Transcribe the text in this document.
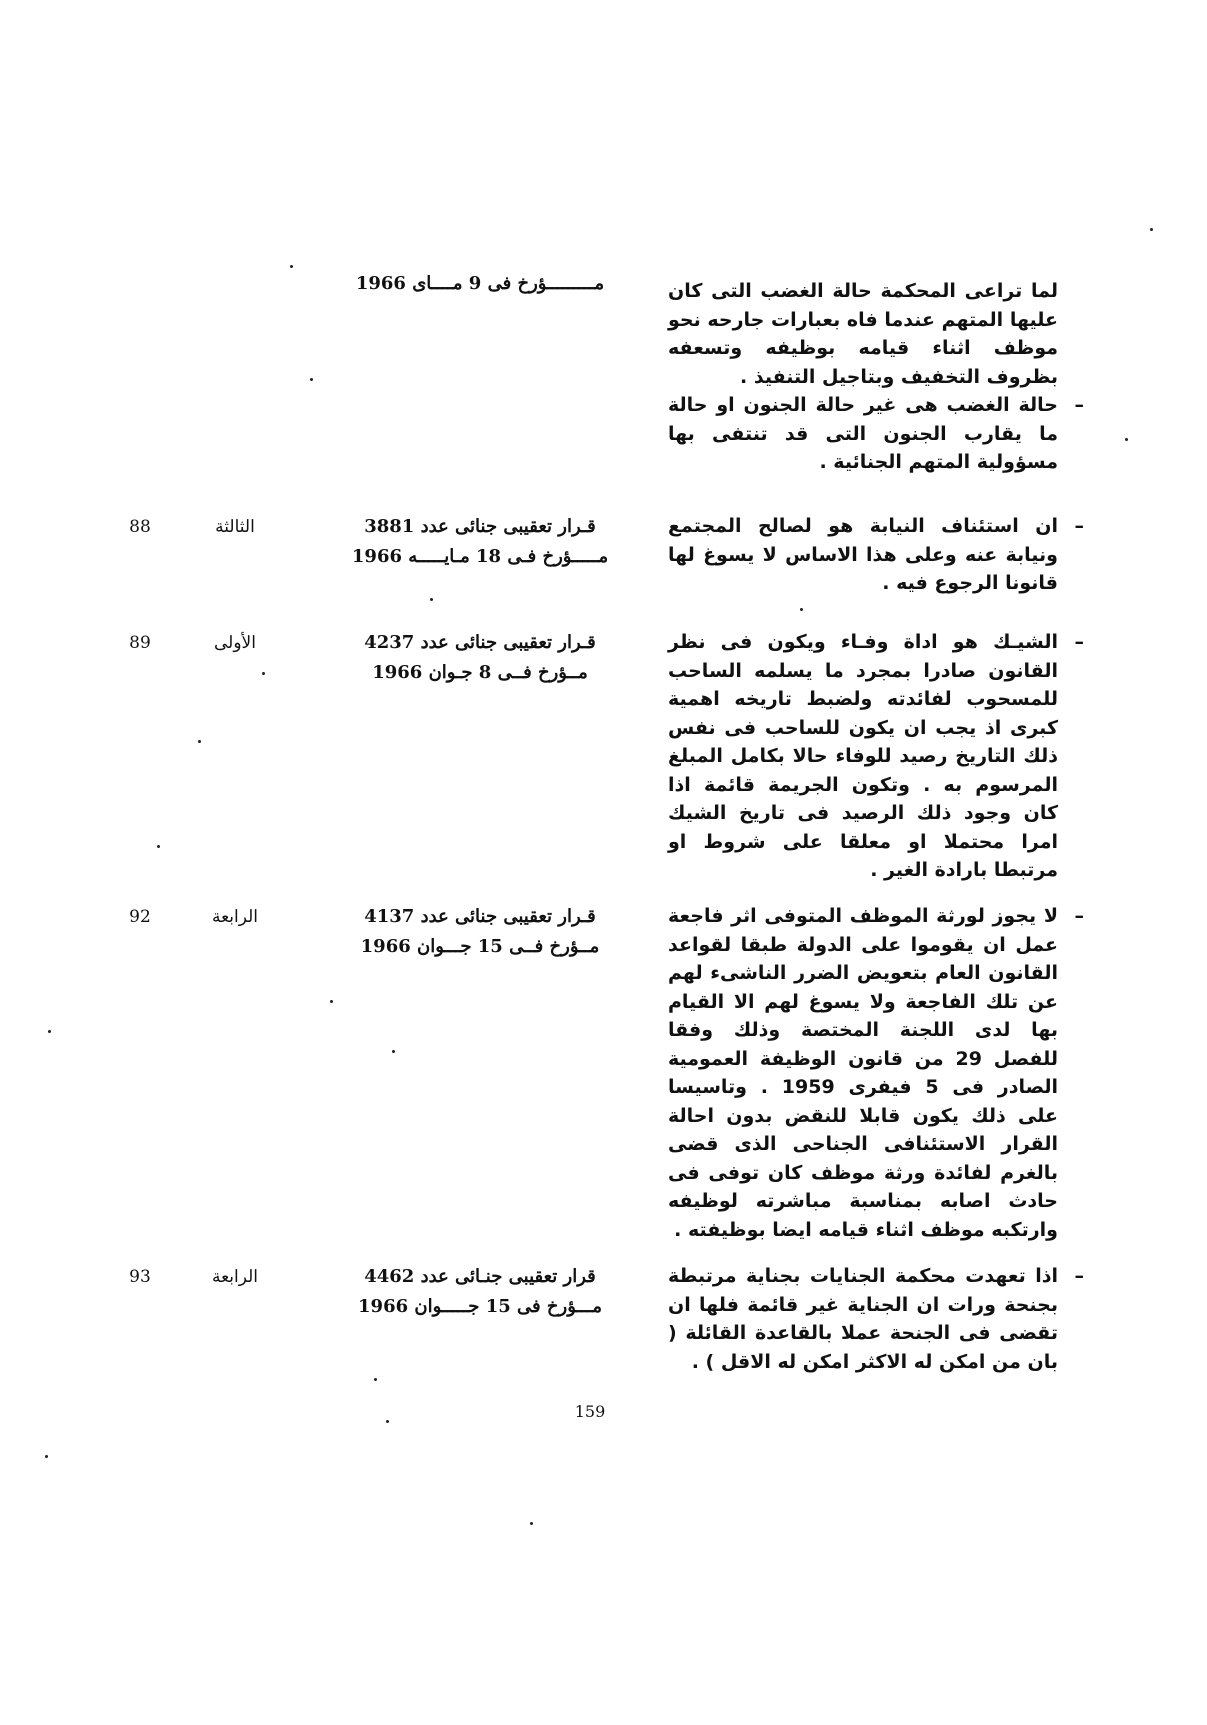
لما تراعى المحكمة حالة الغضب التى كان عليها المتهم عندما فاه بعبارات جارحه نحو موظف اثناء قيامه بوظيفه وتسعفه بظروف التخفيف وبتاجيل التنفيذ .

حالة الغضب هى غير حالة الجنون او حالة ما يقارب الجنون التى قد تنتفى بها مسؤولية المتهم الجنائية . –

مـــــــــؤرخ فى 9 مــــاى 1966

ان استئناف النيابة هو لصالح المجتمع ونيابة عنه وعلى هذا الاساس لا يسوغ لها قانونا الرجوع فيه . –

قـرار تعقيبى جنائى عدد 3881
مـــــؤرخ فـى 18 مـايـــــه 1966
الثالثة
88

الشيـك هو اداة وفـاء ويكون فى نظر القانون صادرا بمجرد ما يسلمه الساحب للمسحوب لفائدته ولضبط تاريخه اهمية كبرى اذ يجب ان يكون للساحب فى نفس ذلك التاريخ رصيد للوفاء حالا بكامل المبلغ المرسوم به . وتكون الجريمة قائمة اذا كان وجود ذلك الرصيد فى تاريخ الشيك امرا محتملا او معلقا على شروط او مرتبطا بارادة الغير . –

قـرار تعقيبى جنائى عدد 4237
مــؤرخ فــى 8 جـوان 1966
الأولى
89

لا يجوز لورثة الموظف المتوفى اثر فاجعة عمل ان يقوموا على الدولة طبقا لقواعد القانون العام بتعويض الضرر الناشىء لهم عن تلك الفاجعة ولا يسوغ لهم الا القيام بها لدى اللجنة المختصة وذلك وفقا للفصل 29 من قانون الوظيفة العمومية الصادر فى 5 فيفرى 1959 . وتاسيسا على ذلك يكون قابلا للنقض بدون احالة القرار الاستئنافى الجناحى الذى قضى بالغرم لفائدة ورثة موظف كان توفى فى حادث اصابه بمناسبة مباشرته لوظيفه وارتكبه موظف اثناء قيامه ايضا بوظيفته . –

قـرار تعقيبى جنائى عدد 4137
مــؤرخ فــى 15 جـــوان 1966
الرابعة
92

اذا تعهدت محكمة الجنايات بجناية مرتبطة بجنحة ورات ان الجناية غير قائمة فلها ان تقضى فى الجنحة عملا بالقاعدة القائلة ( بان من امكن له الاكثر امكن له الاقل ) . –

قرار تعقيبى جنـائى عدد 4462
مـــؤرخ فى 15 جـــــوان 1966
الرابعة
93
159
